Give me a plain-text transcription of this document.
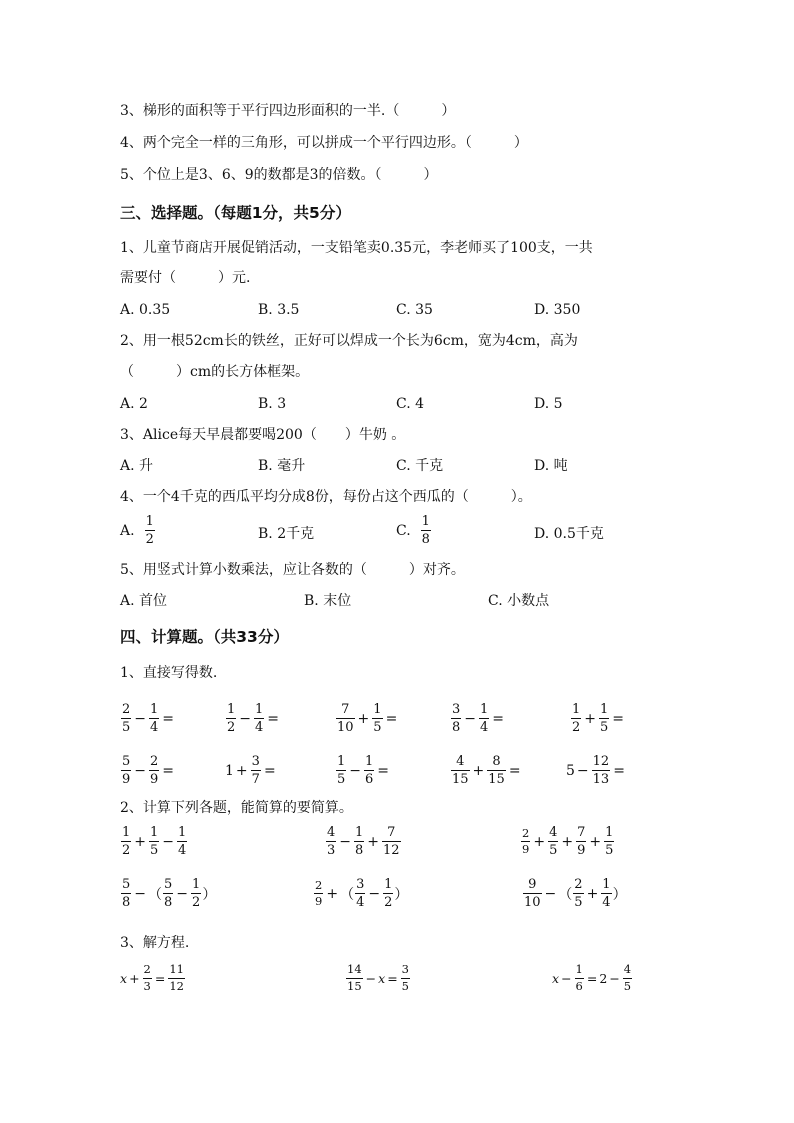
3、梯形的面积等于平行四边形面积的一半.（　　　）
4、两个完全一样的三角形，可以拼成一个平行四边形。（　　　）
5、个位上是3、6、9的数都是3的倍数。（　　　）
三、选择题。（每题1分，共5分）
1、儿童节商店开展促销活动，一支铅笔卖0.35元，李老师买了100支，一共
需要付（　　　）元.
A. 0.35	B. 3.5	C. 35	D. 350
2、用一根52cm长的铁丝，正好可以焊成一个长为6cm，宽为4cm，高为
（　　　）cm的长方体框架。
A. 2	B. 3	C. 4	D. 5
3、Alice每天早晨都要喝200（　　）牛奶 。
A. 升	B. 毫升	C. 千克	D. 吨
4、一个4千克的西瓜平均分成8份，每份占这个西瓜的（　　　）。
A. $\frac{1}{2}$	B. 2千克	C. $\frac{1}{8}$	D. 0.5千克
5、用竖式计算小数乘法，应让各数的（　　　）对齐。
A. 首位	B. 末位	C. 小数点
四、计算题。（共33分）
1、直接写得数.
$\frac{2}{5} - \frac{1}{4}$ =	$\frac{1}{2} - \frac{1}{4}$ =	$\frac{7}{10} + \frac{1}{5}$ =	$\frac{3}{8} - \frac{1}{4}$ =	$\frac{1}{2} + \frac{1}{5}$ =
$\frac{5}{9} - \frac{2}{9}$ =	$1 + \frac{3}{7}$ =	$\frac{1}{5} - \frac{1}{6}$ =	$\frac{4}{15} + \frac{8}{15}$ =	$5 - \frac{12}{13}$ =
2、计算下列各题，能简算的要简算。
$\frac{1}{2} + \frac{1}{5} - \frac{1}{4}$	$\frac{4}{3} - \frac{1}{8} + \frac{7}{12}$	$\frac{2}{9} + \frac{4}{5} + \frac{7}{9} + \frac{1}{5}$
$\frac{5}{8}$ − （ $\frac{5}{8} - \frac{1}{2}$ ）	$\frac{2}{9}$ + （ $\frac{3}{4} - \frac{1}{2}$ ）	$\frac{9}{10}$ − （ $\frac{2}{5} + \frac{1}{4}$ ）
3、解方程.
$x + \frac{2}{3} = \frac{11}{12}$	$\frac{14}{15} - x = \frac{3}{5}$	$x - \frac{1}{6} = 2 - \frac{4}{5}$
